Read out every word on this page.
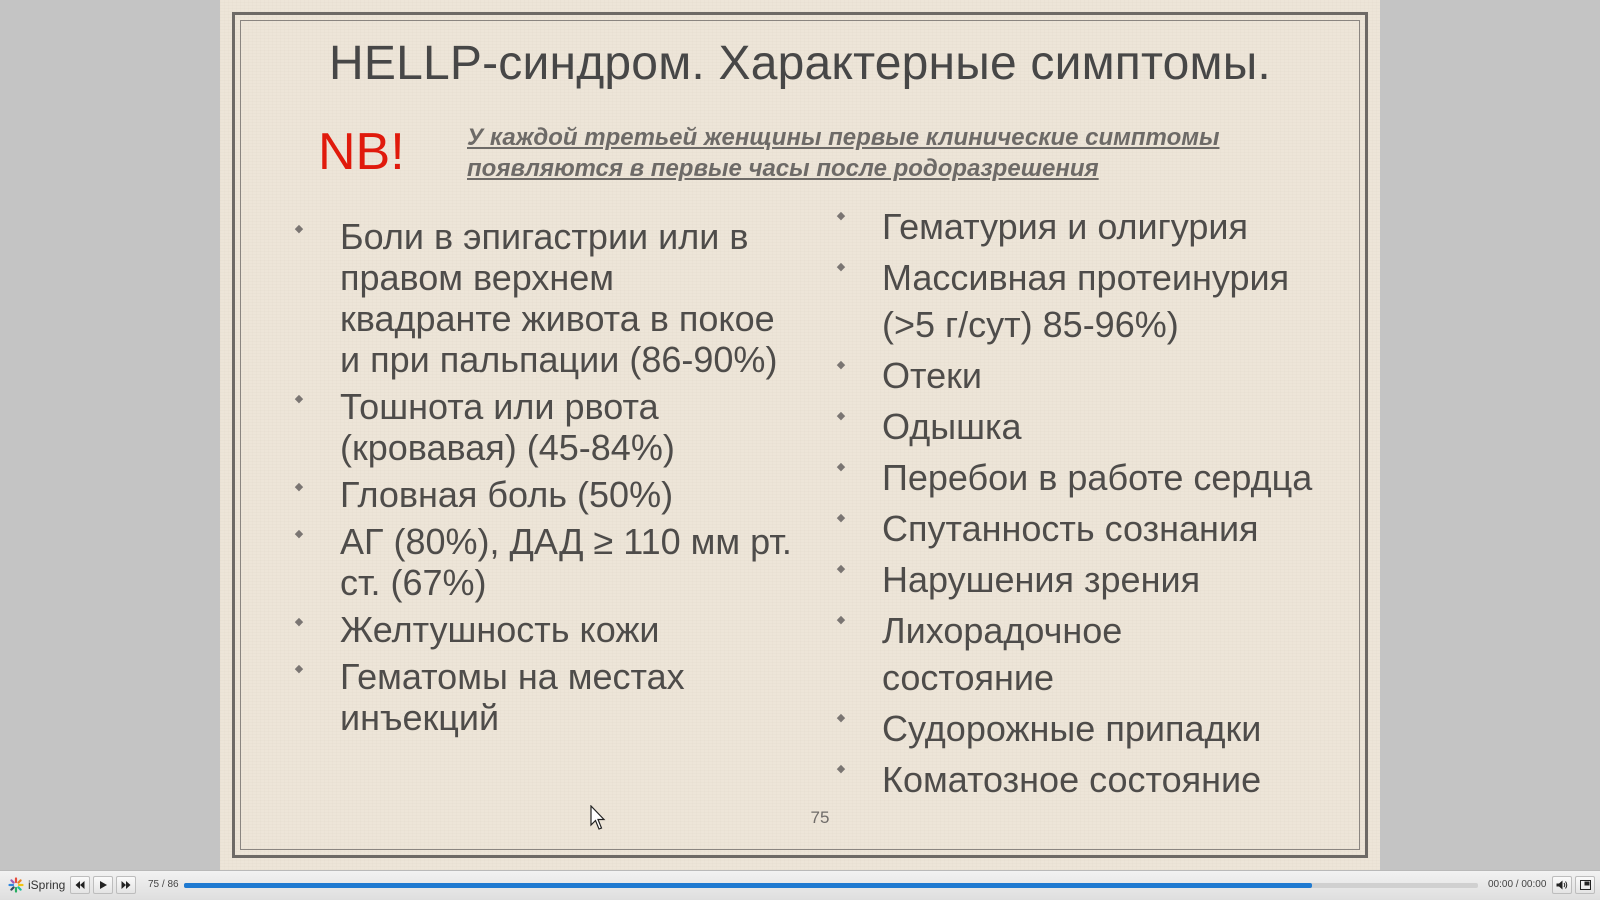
HELLP-синдром. Характерные симптомы.
NB!	У каждой третьей женщины первые клинические симптомы
появляются в первые часы после родоразрешения
◆ Боли в эпигастрии или в правом верхнем квадранте живота в покое и при пальпации (86-90%)
◆ Тошнота или рвота (кровавая) (45-84%)
◆ Гловная боль (50%)
◆ АГ (80%), ДАД ≥ 110 мм рт. ст. (67%)
◆ Желтушность кожи
◆ Гематомы на местах инъекций
◆ Гематурия и олигурия
◆ Массивная протеинурия (>5 г/сут) 85-96%)
◆ Отеки
◆ Одышка
◆ Перебои в работе сердца
◆ Спутанность сознания
◆ Нарушения зрения
◆ Лихорадочное состояние
◆ Судорожные припадки
◆ Коматозное состояние
75
iSpring	75 / 86	00:00 / 00:00
